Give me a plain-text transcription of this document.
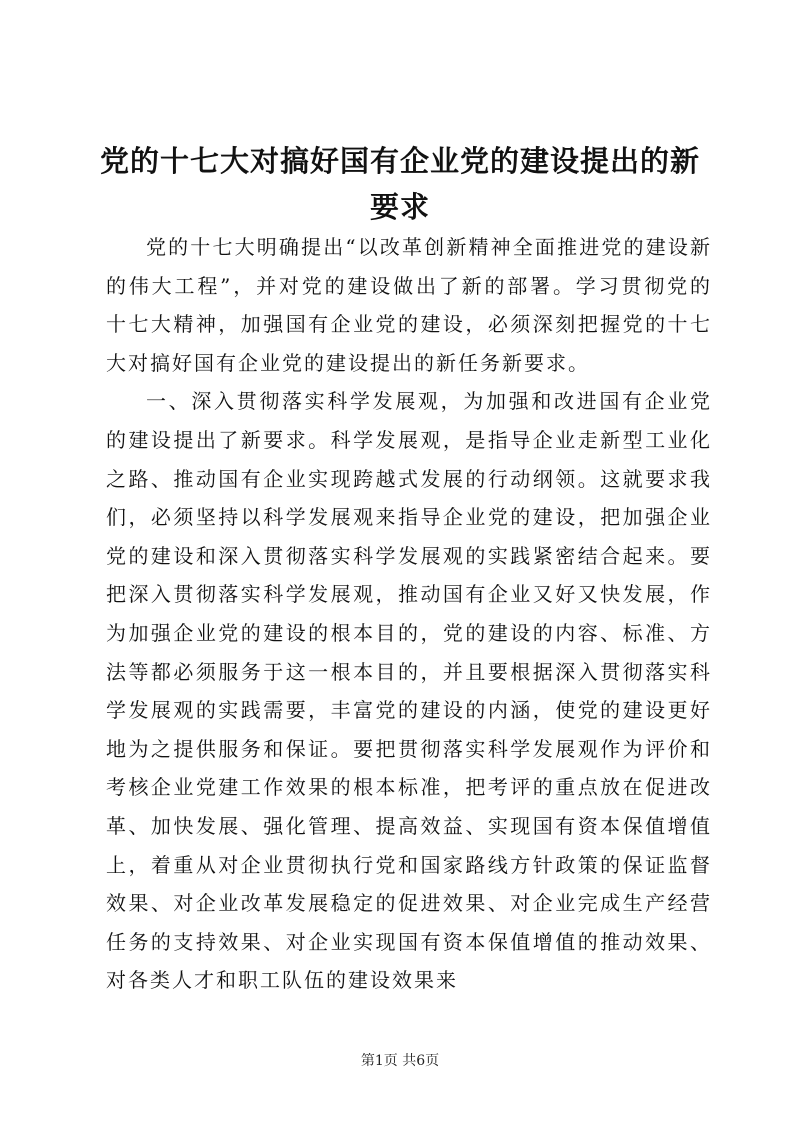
党的十七大对搞好国有企业党的建设提出的新要求

党的十七大明确提出“以改革创新精神全面推进党的建设新的伟大工程”，并对党的建设做出了新的部署。学习贯彻党的十七大精神，加强国有企业党的建设，必须深刻把握党的十七大对搞好国有企业党的建设提出的新任务新要求。

一、深入贯彻落实科学发展观，为加强和改进国有企业党的建设提出了新要求。科学发展观，是指导企业走新型工业化之路、推动国有企业实现跨越式发展的行动纲领。这就要求我们，必须坚持以科学发展观来指导企业党的建设，把加强企业党的建设和深入贯彻落实科学发展观的实践紧密结合起来。要把深入贯彻落实科学发展观，推动国有企业又好又快发展，作为加强企业党的建设的根本目的，党的建设的内容、标准、方法等都必须服务于这一根本目的，并且要根据深入贯彻落实科学发展观的实践需要，丰富党的建设的内涵，使党的建设更好地为之提供服务和保证。要把贯彻落实科学发展观作为评价和考核企业党建工作效果的根本标准，把考评的重点放在促进改革、加快发展、强化管理、提高效益、实现国有资本保值增值上，着重从对企业贯彻执行党和国家路线方针政策的保证监督效果、对企业改革发展稳定的促进效果、对企业完成生产经营任务的支持效果、对企业实现国有资本保值增值的推动效果、对各类人才和职工队伍的建设效果来

第1页 共6页
